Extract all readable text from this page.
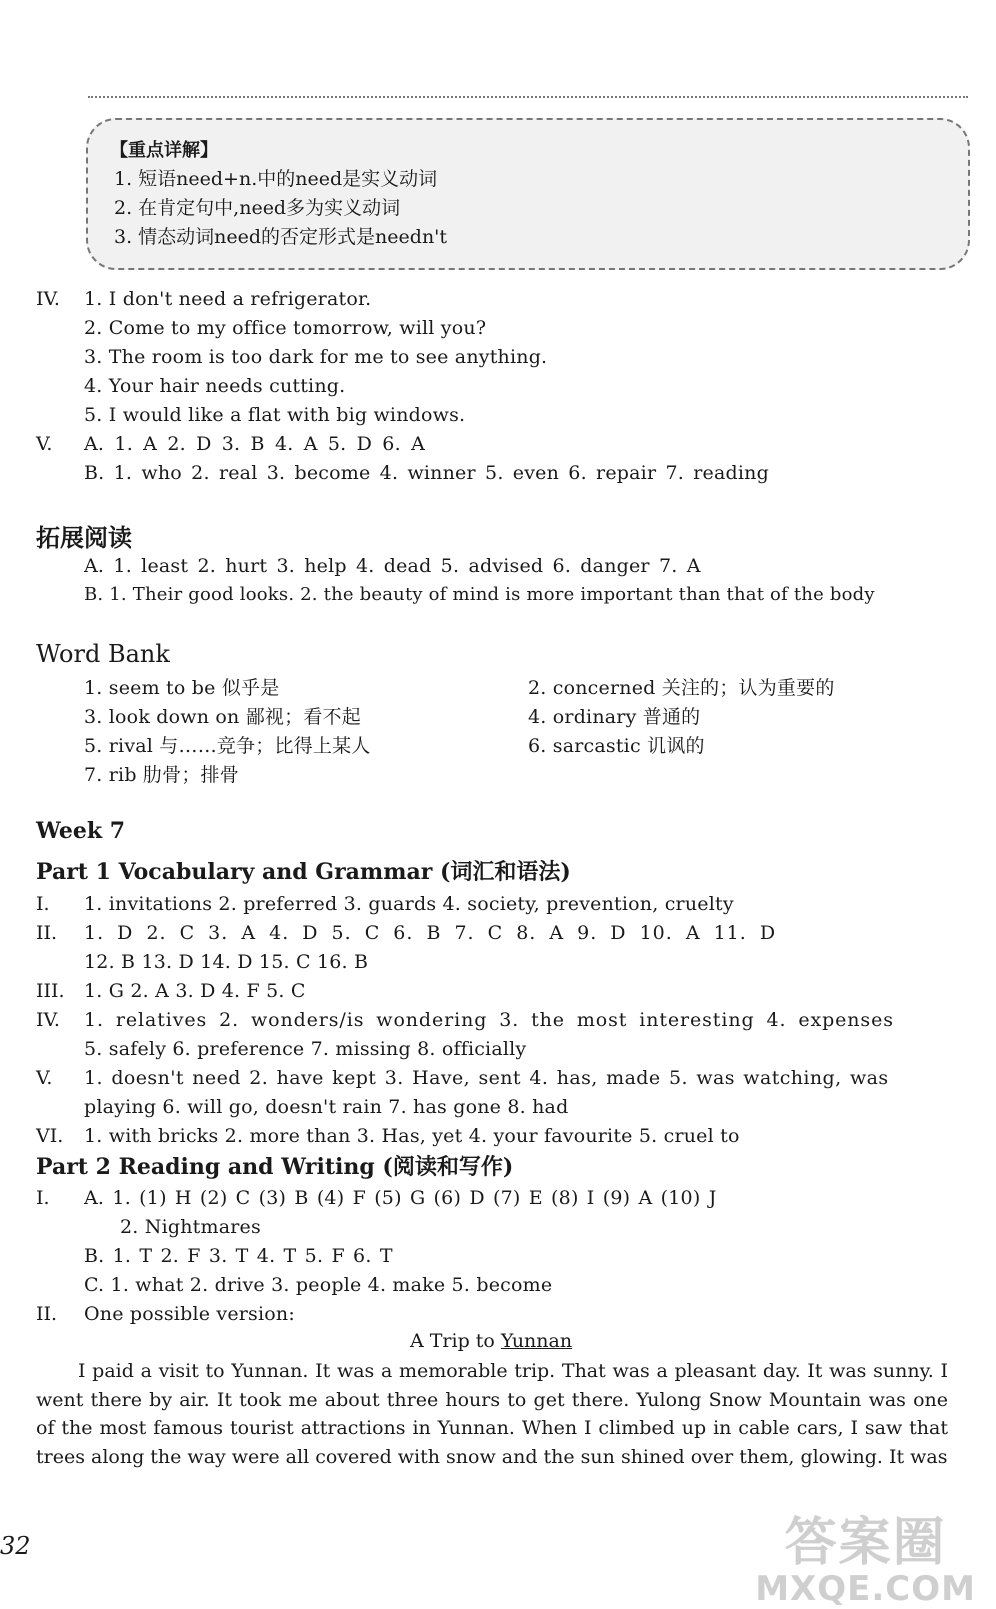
【重点详解】
1. 短语need+n.中的need是实义动词
2. 在肯定句中,need多为实义动词
3. 情态动词need的否定形式是needn't
IV. 1. I don't need a refrigerator.
2. Come to my office tomorrow, will you?
3. The room is too dark for me to see anything.
4. Your hair needs cutting.
5. I would like a flat with big windows.
V. A. 1. A 2. D 3. B 4. A 5. D 6. A
B. 1. who 2. real 3. become 4. winner 5. even 6. repair 7. reading
拓展阅读
A. 1. least 2. hurt 3. help 4. dead 5. advised 6. danger 7. A
B. 1. Their good looks. 2. the beauty of mind is more important than that of the body
Word Bank
1. seem to be 似乎是	2. concerned 关注的；认为重要的
3. look down on 鄙视；看不起	4. ordinary 普通的
5. rival 与……竞争；比得上某人	6. sarcastic 讥讽的
7. rib 肋骨；排骨
Week 7
Part 1 Vocabulary and Grammar (词汇和语法)
I. 1. invitations 2. preferred 3. guards 4. society, prevention, cruelty
II. 1. D 2. C 3. A 4. D 5. C 6. B 7. C 8. A 9. D 10. A 11. D
12. B 13. D 14. D 15. C 16. B
III. 1. G 2. A 3. D 4. F 5. C
IV. 1. relatives 2. wonders/is wondering 3. the most interesting 4. expenses
5. safely 6. preference 7. missing 8. officially
V. 1. doesn't need 2. have kept 3. Have, sent 4. has, made 5. was watching, was
playing 6. will go, doesn't rain 7. has gone 8. had
VI. 1. with bricks 2. more than 3. Has, yet 4. your favourite 5. cruel to
Part 2 Reading and Writing (阅读和写作)
I. A. 1. (1) H (2) C (3) B (4) F (5) G (6) D (7) E (8) I (9) A (10) J
2. Nightmares
B. 1. T 2. F 3. T 4. T 5. F 6. T
C. 1. what 2. drive 3. people 4. make 5. become
II. One possible version:
A Trip to Yunnan
I paid a visit to Yunnan. It was a memorable trip. That was a pleasant day. It was sunny. I went there by air. It took me about three hours to get there. Yulong Snow Mountain was one of the most famous tourist attractions in Yunnan. When I climbed up in cable cars, I saw that trees along the way were all covered with snow and the sun shined over them, glowing. It was
32	答案圈
MXQE.COM
